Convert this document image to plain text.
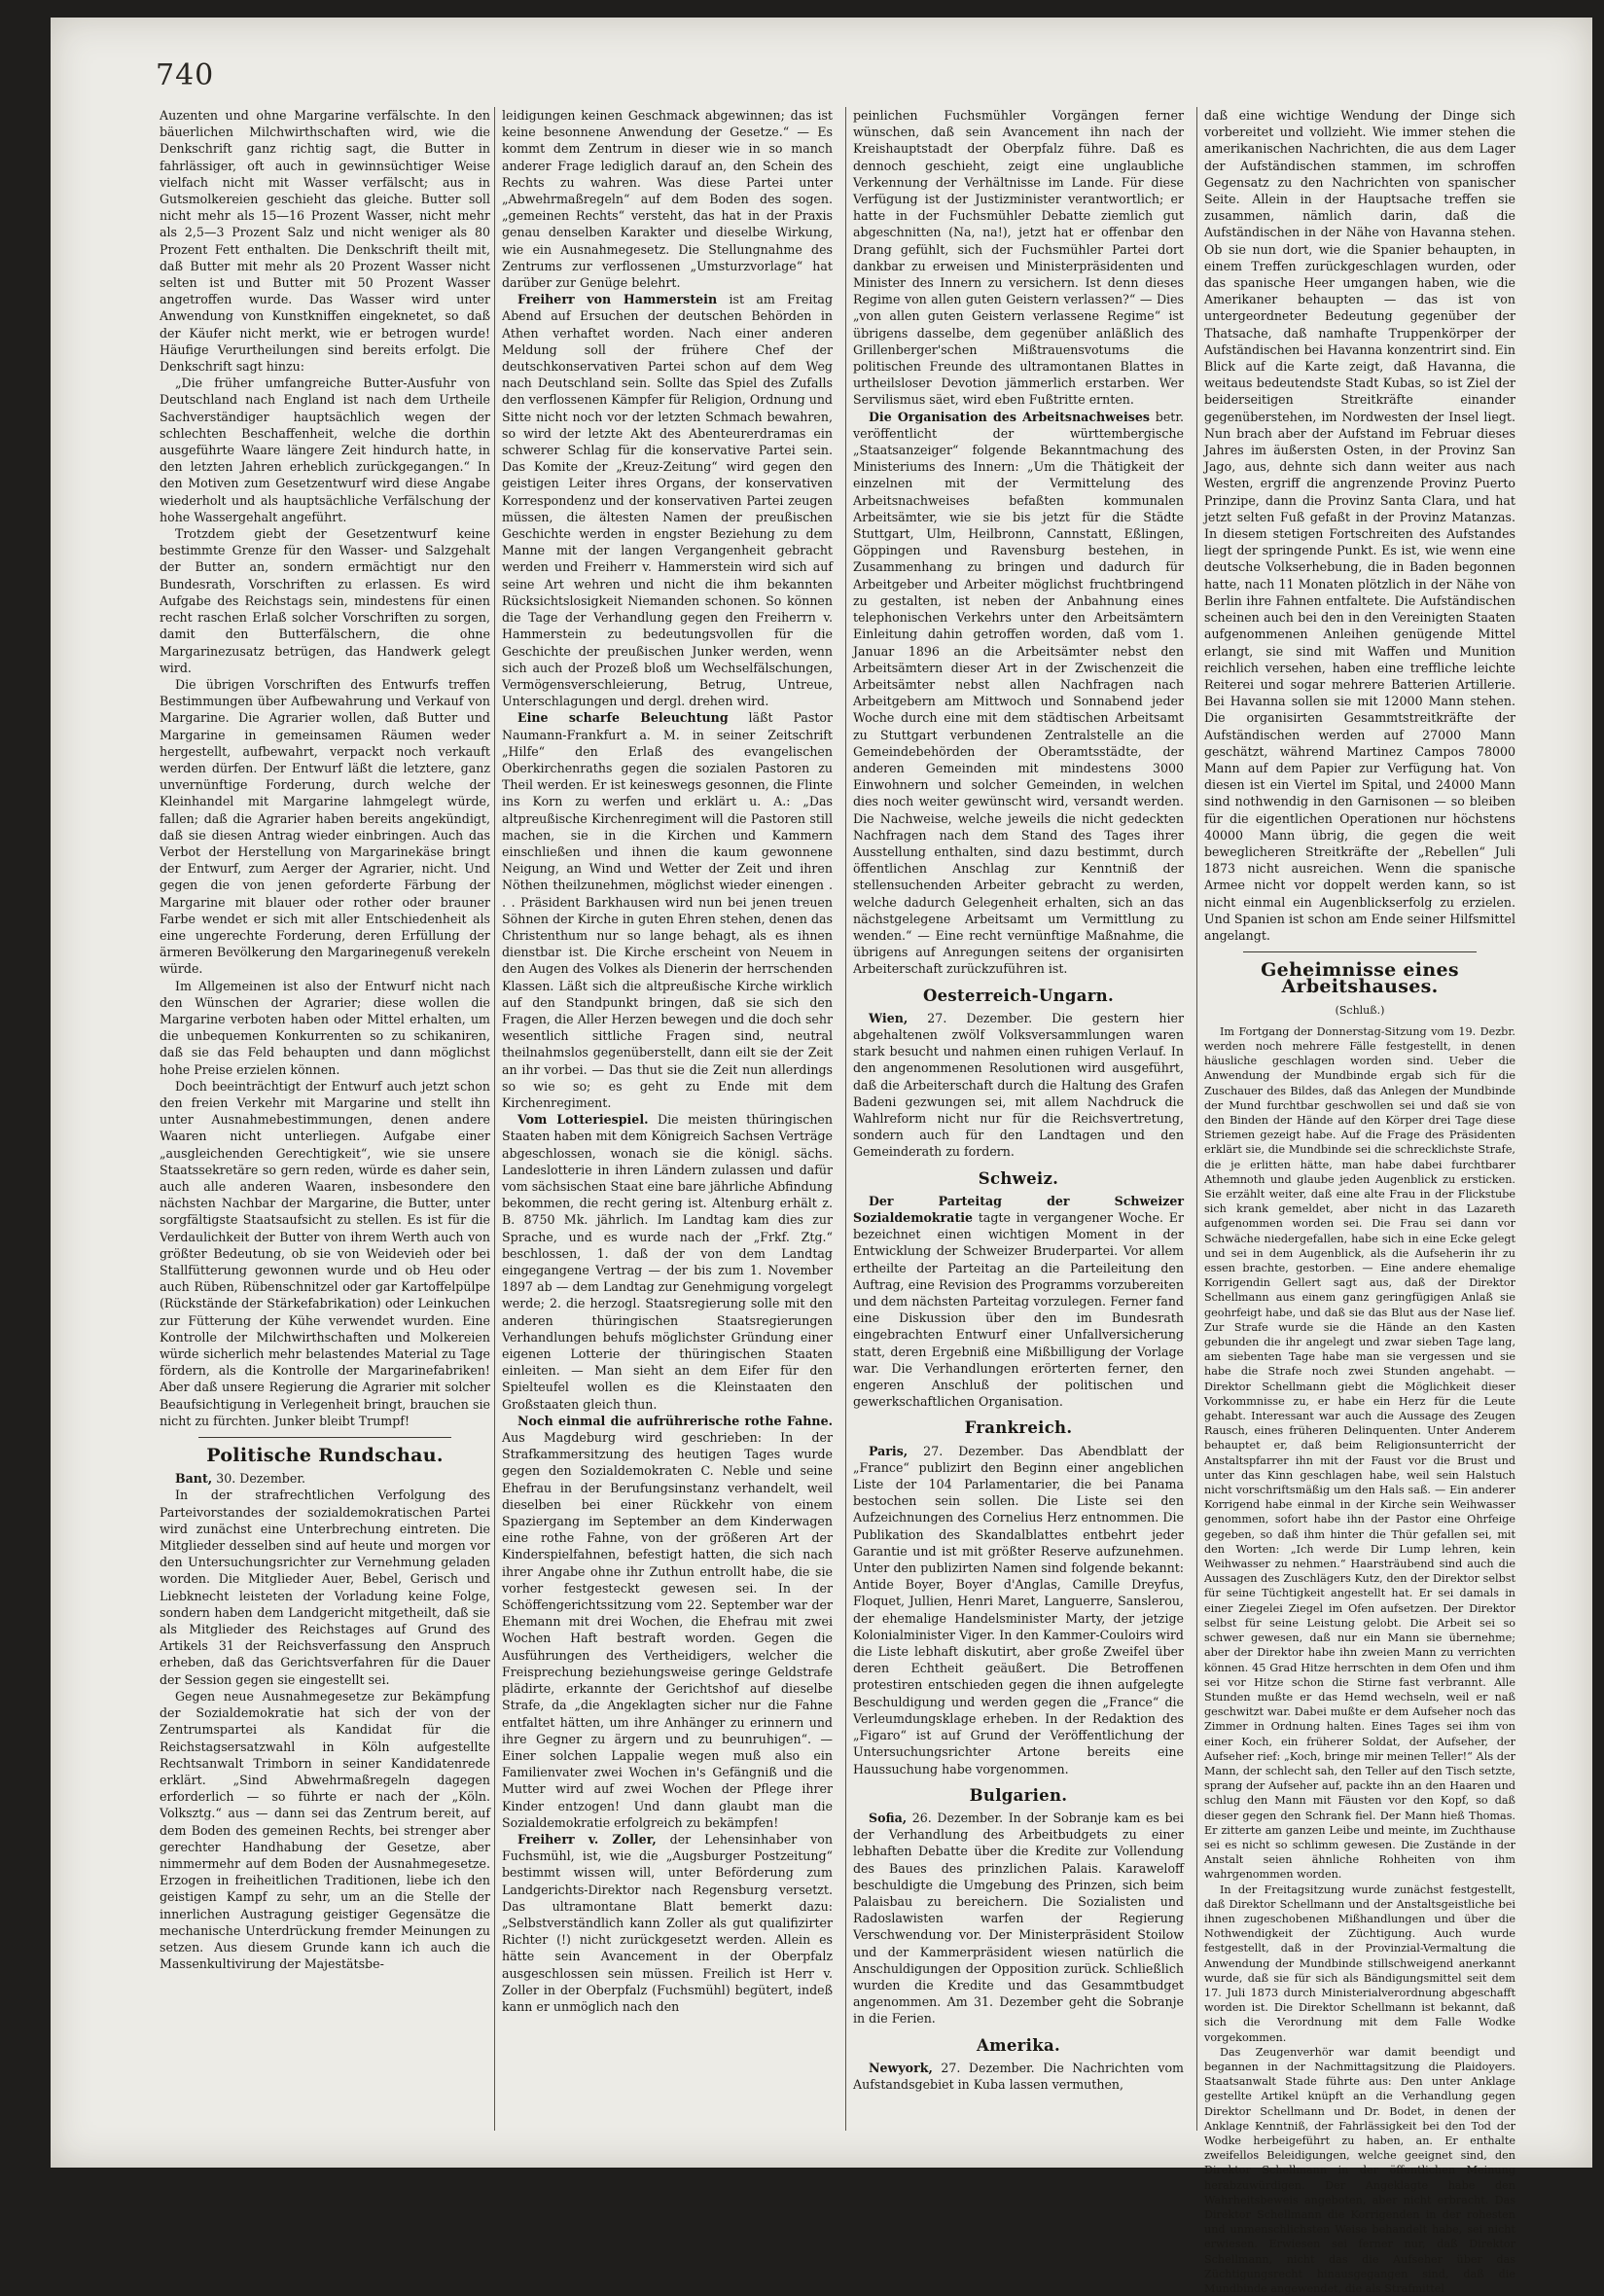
740

Auzenten und ohne Margarine verfälschte. In den bäuerlichen Milchwirthschaften wird, wie die Denkschrift ganz richtig sagt, die Butter in fahrlässiger, oft auch in gewinnsüchtiger Weise vielfach nicht mit Wasser verfälscht; aus in Gutsmolkereien geschieht das gleiche. Butter soll nicht mehr als 15—16 Prozent Wasser, nicht mehr als 2,5—3 Prozent Salz und nicht weniger als 80 Prozent Fett enthalten. Die Denkschrift theilt mit, daß Butter mit mehr als 20 Prozent Wasser nicht selten ist und Butter mit 50 Prozent Wasser angetroffen wurde. Das Wasser wird unter Anwendung von Kunstkniffen eingeknetet, so daß der Käufer nicht merkt, wie er betrogen wurde! Häufige Verurtheilungen sind bereits erfolgt. Die Denkschrift sagt hinzu:

„Die früher umfangreiche Butter-Ausfuhr von Deutschland nach England ist nach dem Urtheile Sachverständiger hauptsächlich wegen der schlechten Beschaffenheit, welche die dorthin ausgeführte Waare längere Zeit hindurch hatte, in den letzten Jahren erheblich zurückgegangen.“ In den Motiven zum Gesetzentwurf wird diese Angabe wiederholt und als hauptsächliche Verfälschung der hohe Wassergehalt angeführt.

Trotzdem giebt der Gesetzentwurf keine bestimmte Grenze für den Wasser- und Salzgehalt der Butter an, sondern ermächtigt nur den Bundesrath, Vorschriften zu erlassen. Es wird Aufgabe des Reichstags sein, mindestens für einen recht raschen Erlaß solcher Vorschriften zu sorgen, damit den Butterfälschern, die ohne Margarinezusatz betrügen, das Handwerk gelegt wird.

Die übrigen Vorschriften des Entwurfs treffen Bestimmungen über Aufbewahrung und Verkauf von Margarine. Die Agrarier wollen, daß Butter und Margarine in gemeinsamen Räumen weder hergestellt, aufbewahrt, verpackt noch verkauft werden dürfen. Der Entwurf läßt die letztere, ganz unvernünftige Forderung, durch welche der Kleinhandel mit Margarine lahmgelegt würde, fallen; daß die Agrarier haben bereits angekündigt, daß sie diesen Antrag wieder einbringen. Auch das Verbot der Herstellung von Margarinekäse bringt der Entwurf, zum Aerger der Agrarier, nicht. Und gegen die von jenen geforderte Färbung der Margarine mit blauer oder rother oder brauner Farbe wendet er sich mit aller Entschiedenheit als eine ungerechte Forderung, deren Erfüllung der ärmeren Bevölkerung den Margarinegenuß verekeln würde.

Im Allgemeinen ist also der Entwurf nicht nach den Wünschen der Agrarier; diese wollen die Margarine verboten haben oder Mittel erhalten, um die unbequemen Konkurrenten so zu schikaniren, daß sie das Feld behaupten und dann möglichst hohe Preise erzielen können.

Doch beeinträchtigt der Entwurf auch jetzt schon den freien Verkehr mit Margarine und stellt ihn unter Ausnahmebestimmungen, denen andere Waaren nicht unterliegen. Aufgabe einer „ausgleichenden Gerechtigkeit“, wie sie unsere Staatssekretäre so gern reden, würde es daher sein, auch alle anderen Waaren, insbesondere den nächsten Nachbar der Margarine, die Butter, unter sorgfältigste Staatsaufsicht zu stellen. Es ist für die Verdaulichkeit der Butter von ihrem Werth auch von größter Bedeutung, ob sie von Weidevieh oder bei Stallfütterung gewonnen wurde und ob Heu oder auch Rüben, Rübenschnitzel oder gar Kartoffelpülpe (Rückstände der Stärkefabrikation) oder Leinkuchen zur Fütterung der Kühe verwendet wurden. Eine Kontrolle der Milchwirthschaften und Molkereien würde sicherlich mehr belastendes Material zu Tage fördern, als die Kontrolle der Margarinefabriken! Aber daß unsere Regierung die Agrarier mit solcher Beaufsichtigung in Verlegenheit bringt, brauchen sie nicht zu fürchten. Junker bleibt Trumpf!

Politische Rundschau.

Bant, 30. Dezember.

In der strafrechtlichen Verfolgung des Parteivorstandes der sozialdemokratischen Partei wird zunächst eine Unterbrechung eintreten. Die Mitglieder desselben sind auf heute und morgen vor den Untersuchungsrichter zur Vernehmung geladen worden. Die Mitglieder Auer, Bebel, Gerisch und Liebknecht leisteten der Vorladung keine Folge, sondern haben dem Landgericht mitgetheilt, daß sie als Mitglieder des Reichstages auf Grund des Artikels 31 der Reichsverfassung den Anspruch erheben, daß das Gerichtsverfahren für die Dauer der Session gegen sie eingestellt sei.

Gegen neue Ausnahmegesetze zur Bekämpfung der Sozialdemokratie hat sich der von der Zentrumspartei als Kandidat für die Reichstagsersatzwahl in Köln aufgestellte Rechtsanwalt Trimborn in seiner Kandidatenrede erklärt. „Sind Abwehrmaßregeln dagegen erforderlich — so führte er nach der „Köln. Volksztg.“ aus — dann sei das Zentrum bereit, auf dem Boden des gemeinen Rechts, bei strenger aber gerechter Handhabung der Gesetze, aber nimmermehr auf dem Boden der Ausnahmegesetze. Erzogen in freiheitlichen Traditionen, liebe ich den geistigen Kampf zu sehr, um an die Stelle der innerlichen Austragung geistiger Gegensätze die mechanische Unterdrückung fremder Meinungen zu setzen. Aus diesem Grunde kann ich auch die Massenkultivirung der Majestätsbe-

leidigungen keinen Geschmack abgewinnen; das ist keine besonnene Anwendung der Gesetze.“ — Es kommt dem Zentrum in dieser wie in so manch anderer Frage lediglich darauf an, den Schein des Rechts zu wahren. Was diese Partei unter „Abwehrmaßregeln“ auf dem Boden des sogen. „gemeinen Rechts“ versteht, das hat in der Praxis genau denselben Karakter und dieselbe Wirkung, wie ein Ausnahmegesetz. Die Stellungnahme des Zentrums zur verflossenen „Umsturzvorlage“ hat darüber zur Genüge belehrt.

Freiherr von Hammerstein ist am Freitag Abend auf Ersuchen der deutschen Behörden in Athen verhaftet worden. Nach einer anderen Meldung soll der frühere Chef der deutschkonservativen Partei schon auf dem Weg nach Deutschland sein. Sollte das Spiel des Zufalls den verflossenen Kämpfer für Religion, Ordnung und Sitte nicht noch vor der letzten Schmach bewahren, so wird der letzte Akt des Abenteurerdramas ein schwerer Schlag für die konservative Partei sein. Das Komite der „Kreuz-Zeitung“ wird gegen den geistigen Leiter ihres Organs, der konservativen Korrespondenz und der konservativen Partei zeugen müssen, die ältesten Namen der preußischen Geschichte werden in engster Beziehung zu dem Manne mit der langen Vergangenheit gebracht werden und Freiherr v. Hammerstein wird sich auf seine Art wehren und nicht die ihm bekannten Rücksichtslosigkeit Niemanden schonen. So können die Tage der Verhandlung gegen den Freiherrn v. Hammerstein zu bedeutungsvollen für die Geschichte der preußischen Junker werden, wenn sich auch der Prozeß bloß um Wechselfälschungen, Vermögensverschleierung, Betrug, Untreue, Unterschlagungen und dergl. drehen wird.

Eine scharfe Beleuchtung läßt Pastor Naumann-Frankfurt a. M. in seiner Zeitschrift „Hilfe“ den Erlaß des evangelischen Oberkirchenraths gegen die sozialen Pastoren zu Theil werden. Er ist keineswegs gesonnen, die Flinte ins Korn zu werfen und erklärt u. A.: „Das altpreußische Kirchenregiment will die Pastoren still machen, sie in die Kirchen und Kammern einschließen und ihnen die kaum gewonnene Neigung, an Wind und Wetter der Zeit und ihren Nöthen theilzunehmen, möglichst wieder einengen . . . Präsident Barkhausen wird nun bei jenen treuen Söhnen der Kirche in guten Ehren stehen, denen das Christenthum nur so lange behagt, als es ihnen dienstbar ist. Die Kirche erscheint von Neuem in den Augen des Volkes als Dienerin der herrschenden Klassen. Läßt sich die altpreußische Kirche wirklich auf den Standpunkt bringen, daß sie sich den Fragen, die Aller Herzen bewegen und die doch sehr wesentlich sittliche Fragen sind, neutral theilnahmslos gegenüberstellt, dann eilt sie der Zeit an ihr vorbei. — Das thut sie die Zeit nun allerdings so wie so; es geht zu Ende mit dem Kirchenregiment.

Vom Lotteriespiel. Die meisten thüringischen Staaten haben mit dem Königreich Sachsen Verträge abgeschlossen, wonach sie die königl. sächs. Landeslotterie in ihren Ländern zulassen und dafür vom sächsischen Staat eine bare jährliche Abfindung bekommen, die recht gering ist. Altenburg erhält z. B. 8750 Mk. jährlich. Im Landtag kam dies zur Sprache, und es wurde nach der „Frkf. Ztg.“ beschlossen, 1. daß der von dem Landtag eingegangene Vertrag — der bis zum 1. November 1897 ab — dem Landtag zur Genehmigung vorgelegt werde; 2. die herzogl. Staatsregierung solle mit den anderen thüringischen Staatsregierungen Verhandlungen behufs möglichster Gründung einer eigenen Lotterie der thüringischen Staaten einleiten. — Man sieht an dem Eifer für den Spielteufel wollen es die Kleinstaaten den Großstaaten gleich thun.

Noch einmal die aufrührerische rothe Fahne. Aus Magdeburg wird geschrieben: In der Strafkammersitzung des heutigen Tages wurde gegen den Sozialdemokraten C. Neble und seine Ehefrau in der Berufungsinstanz verhandelt, weil dieselben bei einer Rückkehr von einem Spaziergang im September an dem Kinderwagen eine rothe Fahne, von der größeren Art der Kinderspielfahnen, befestigt hatten, die sich nach ihrer Angabe ohne ihr Zuthun entrollt habe, die sie vorher festgesteckt gewesen sei. In der Schöffengerichtssitzung vom 22. September war der Ehemann mit drei Wochen, die Ehefrau mit zwei Wochen Haft bestraft worden. Gegen die Ausführungen des Vertheidigers, welcher die Freisprechung beziehungsweise geringe Geldstrafe plädirte, erkannte der Gerichtshof auf dieselbe Strafe, da „die Angeklagten sicher nur die Fahne entfaltet hätten, um ihre Anhänger zu erinnern und ihre Gegner zu ärgern und zu beunruhigen“. — Einer solchen Lappalie wegen muß also ein Familienvater zwei Wochen in's Gefängniß und die Mutter wird auf zwei Wochen der Pflege ihrer Kinder entzogen! Und dann glaubt man die Sozialdemokratie erfolgreich zu bekämpfen!

Freiherr v. Zoller, der Lehensinhaber von Fuchsmühl, ist, wie die „Augsburger Postzeitung“ bestimmt wissen will, unter Beförderung zum Landgerichts-Direktor nach Regensburg versetzt. Das ultramontane Blatt bemerkt dazu: „Selbstverständlich kann Zoller als gut qualifizirter Richter (!) nicht zurückgesetzt werden. Allein es hätte sein Avancement in der Oberpfalz ausgeschlossen sein müssen. Freilich ist Herr v. Zoller in der Oberpfalz (Fuchsmühl) begütert, indeß kann er unmöglich nach den

peinlichen Fuchsmühler Vorgängen ferner wünschen, daß sein Avancement ihn nach der Kreishauptstadt der Oberpfalz führe. Daß es dennoch geschieht, zeigt eine unglaubliche Verkennung der Verhältnisse im Lande. Für diese Verfügung ist der Justizminister verantwortlich; er hatte in der Fuchsmühler Debatte ziemlich gut abgeschnitten (Na, na!), jetzt hat er offenbar den Drang gefühlt, sich der Fuchsmühler Partei dort dankbar zu erweisen und Ministerpräsidenten und Minister des Innern zu versichern. Ist denn dieses Regime von allen guten Geistern verlassen?“ — Dies „von allen guten Geistern verlassene Regime“ ist übrigens dasselbe, dem gegenüber anläßlich des Grillenberger'schen Mißtrauensvotums die politischen Freunde des ultramontanen Blattes in urtheilsloser Devotion jämmerlich erstarben. Wer Servilismus säet, wird eben Fußtritte ernten.

Die Organisation des Arbeitsnachweises betr. veröffentlicht der württembergische „Staatsanzeiger“ folgende Bekanntmachung des Ministeriums des Innern: „Um die Thätigkeit der einzelnen mit der Vermittelung des Arbeitsnachweises befaßten kommunalen Arbeitsämter, wie sie bis jetzt für die Städte Stuttgart, Ulm, Heilbronn, Cannstatt, Eßlingen, Göppingen und Ravensburg bestehen, in Zusammenhang zu bringen und dadurch für Arbeitgeber und Arbeiter möglichst fruchtbringend zu gestalten, ist neben der Anbahnung eines telephonischen Verkehrs unter den Arbeitsämtern Einleitung dahin getroffen worden, daß vom 1. Januar 1896 an die Arbeitsämter nebst den Arbeitsämtern dieser Art in der Zwischenzeit die Arbeitsämter nebst allen Nachfragen nach Arbeitgebern am Mittwoch und Sonnabend jeder Woche durch eine mit dem städtischen Arbeitsamt zu Stuttgart verbundenen Zentralstelle an die Gemeindebehörden der Oberamtsstädte, der anderen Gemeinden mit mindestens 3000 Einwohnern und solcher Gemeinden, in welchen dies noch weiter gewünscht wird, versandt werden. Die Nachweise, welche jeweils die nicht gedeckten Nachfragen nach dem Stand des Tages ihrer Ausstellung enthalten, sind dazu bestimmt, durch öffentlichen Anschlag zur Kenntniß der stellensuchenden Arbeiter gebracht zu werden, welche dadurch Gelegenheit erhalten, sich an das nächstgelegene Arbeitsamt um Vermittlung zu wenden.“ — Eine recht vernünftige Maßnahme, die übrigens auf Anregungen seitens der organisirten Arbeiterschaft zurückzuführen ist.

Oesterreich-Ungarn.

Wien, 27. Dezember. Die gestern hier abgehaltenen zwölf Volksversammlungen waren stark besucht und nahmen einen ruhigen Verlauf. In den angenommenen Resolutionen wird ausgeführt, daß die Arbeiterschaft durch die Haltung des Grafen Badeni gezwungen sei, mit allem Nachdruck die Wahlreform nicht nur für die Reichsvertretung, sondern auch für den Landtagen und den Gemeinderath zu fordern.

Schweiz.

Der Parteitag der Schweizer Sozialdemokratie tagte in vergangener Woche. Er bezeichnet einen wichtigen Moment in der Entwicklung der Schweizer Bruderpartei. Vor allem ertheilte der Parteitag an die Parteileitung den Auftrag, eine Revision des Programms vorzubereiten und dem nächsten Parteitag vorzulegen. Ferner fand eine Diskussion über den im Bundesrath eingebrachten Entwurf einer Unfallversicherung statt, deren Ergebniß eine Mißbilligung der Vorlage war. Die Verhandlungen erörterten ferner, den engeren Anschluß der politischen und gewerkschaftlichen Organisation.

Frankreich.

Paris, 27. Dezember. Das Abendblatt der „France“ publizirt den Beginn einer angeblichen Liste der 104 Parlamentarier, die bei Panama bestochen sein sollen. Die Liste sei den Aufzeichnungen des Cornelius Herz entnommen. Die Publikation des Skandalblattes entbehrt jeder Garantie und ist mit größter Reserve aufzunehmen. Unter den publizirten Namen sind folgende bekannt: Antide Boyer, Boyer d'Anglas, Camille Dreyfus, Floquet, Jullien, Henri Maret, Languerre, Sanslerou, der ehemalige Handelsminister Marty, der jetzige Kolonialminister Viger. In den Kammer-Couloirs wird die Liste lebhaft diskutirt, aber große Zweifel über deren Echtheit geäußert. Die Betroffenen protestiren entschieden gegen die ihnen aufgelegte Beschuldigung und werden gegen die „France“ die Verleumdungsklage erheben. In der Redaktion des „Figaro“ ist auf Grund der Veröffentlichung der Untersuchungsrichter Artone bereits eine Haussuchung habe vorgenommen.

Bulgarien.

Sofia, 26. Dezember. In der Sobranje kam es bei der Verhandlung des Arbeitbudgets zu einer lebhaften Debatte über die Kredite zur Vollendung des Baues des prinzlichen Palais. Karaweloff beschuldigte die Umgebung des Prinzen, sich beim Palaisbau zu bereichern. Die Sozialisten und Radoslawisten warfen der Regierung Verschwendung vor. Der Ministerpräsident Stoilow und der Kammerpräsident wiesen natürlich die Anschuldigungen der Opposition zurück. Schließlich wurden die Kredite und das Gesammtbudget angenommen. Am 31. Dezember geht die Sobranje in die Ferien.

Amerika.

Newyork, 27. Dezember. Die Nachrichten vom Aufstandsgebiet in Kuba lassen vermuthen,

daß eine wichtige Wendung der Dinge sich vorbereitet und vollzieht. Wie immer stehen die amerikanischen Nachrichten, die aus dem Lager der Aufständischen stammen, im schroffen Gegensatz zu den Nachrichten von spanischer Seite. Allein in der Hauptsache treffen sie zusammen, nämlich darin, daß die Aufständischen in der Nähe von Havanna stehen. Ob sie nun dort, wie die Spanier behaupten, in einem Treffen zurückgeschlagen wurden, oder das spanische Heer umgangen haben, wie die Amerikaner behaupten — das ist von untergeordneter Bedeutung gegenüber der Thatsache, daß namhafte Truppenkörper der Aufständischen bei Havanna konzentrirt sind. Ein Blick auf die Karte zeigt, daß Havanna, die weitaus bedeutendste Stadt Kubas, so ist Ziel der beiderseitigen Streitkräfte einander gegenüberstehen, im Nordwesten der Insel liegt. Nun brach aber der Aufstand im Februar dieses Jahres im äußersten Osten, in der Provinz San Jago, aus, dehnte sich dann weiter aus nach Westen, ergriff die angrenzende Provinz Puerto Prinzipe, dann die Provinz Santa Clara, und hat jetzt selten Fuß gefaßt in der Provinz Matanzas. In diesem stetigen Fortschreiten des Aufstandes liegt der springende Punkt. Es ist, wie wenn eine deutsche Volkserhebung, die in Baden begonnen hatte, nach 11 Monaten plötzlich in der Nähe von Berlin ihre Fahnen entfaltete. Die Aufständischen scheinen auch bei den in den Vereinigten Staaten aufgenommenen Anleihen genügende Mittel erlangt, sie sind mit Waffen und Munition reichlich versehen, haben eine treffliche leichte Reiterei und sogar mehrere Batterien Artillerie. Bei Havanna sollen sie mit 12000 Mann stehen. Die organisirten Gesammtstreitkräfte der Aufständischen werden auf 27000 Mann geschätzt, während Martinez Campos 78000 Mann auf dem Papier zur Verfügung hat. Von diesen ist ein Viertel im Spital, und 24000 Mann sind nothwendig in den Garnisonen — so bleiben für die eigentlichen Operationen nur höchstens 40000 Mann übrig, die gegen die weit beweglicheren Streitkräfte der „Rebellen“ Juli 1873 nicht ausreichen. Wenn die spanische Armee nicht vor doppelt werden kann, so ist nicht einmal ein Augenblickserfolg zu erzielen. Und Spanien ist schon am Ende seiner Hilfsmittel angelangt.

Geheimnisse eines Arbeitshauses.
(Schluß.)

Im Fortgang der Donnerstag-Sitzung vom 19. Dezbr. werden noch mehrere Fälle festgestellt, in denen häusliche geschlagen worden sind. Ueber die Anwendung der Mundbinde ergab sich für die Zuschauer des Bildes, daß das Anlegen der Mundbinde der Mund furchtbar geschwollen sei und daß sie von den Binden der Hände auf den Körper drei Tage diese Striemen gezeigt habe. Auf die Frage des Präsidenten erklärt sie, die Mundbinde sei die schrecklichste Strafe, die je erlitten hätte, man habe dabei furchtbarer Athemnoth und glaube jeden Augenblick zu ersticken. Sie erzählt weiter, daß eine alte Frau in der Flickstube sich krank gemeldet, aber nicht in das Lazareth aufgenommen worden sei. Die Frau sei dann vor Schwäche niedergefallen, habe sich in eine Ecke gelegt und sei in dem Augenblick, als die Aufseherin ihr zu essen brachte, gestorben. — Eine andere ehemalige Korrigendin Gellert sagt aus, daß der Direktor Schellmann aus einem ganz geringfügigen Anlaß sie geohrfeigt habe, und daß sie das Blut aus der Nase lief. Zur Strafe wurde sie die Hände an den Kasten gebunden die ihr angelegt und zwar sieben Tage lang, am siebenten Tage habe man sie vergessen und sie habe die Strafe noch zwei Stunden angehabt. — Direktor Schellmann giebt die Möglichkeit dieser Vorkommnisse zu, er habe ein Herz für die Leute gehabt. Interessant war auch die Aussage des Zeugen Rausch, eines früheren Delinquenten. Unter Anderem behauptet er, daß beim Religionsunterricht der Anstaltspfarrer ihn mit der Faust vor die Brust und unter das Kinn geschlagen habe, weil sein Halstuch nicht vorschriftsmäßig um den Hals saß. — Ein anderer Korrigend habe einmal in der Kirche sein Weihwasser genommen, sofort habe ihn der Pastor eine Ohrfeige gegeben, so daß ihm hinter die Thür gefallen sei, mit den Worten: „Ich werde Dir Lump lehren, kein Weihwasser zu nehmen.“ Haarsträubend sind auch die Aussagen des Zuschlägers Kutz, den der Direktor selbst für seine Tüchtigkeit angestellt hat. Er sei damals in einer Ziegelei Ziegel im Ofen aufsetzen. Der Direktor selbst für seine Leistung gelobt. Die Arbeit sei so schwer gewesen, daß nur ein Mann sie übernehme; aber der Direktor habe ihn zweien Mann zu verrichten können. 45 Grad Hitze herrschten in dem Ofen und ihm sei vor Hitze schon die Stirne fast verbrannt. Alle Stunden mußte er das Hemd wechseln, weil er naß geschwitzt war. Dabei mußte er dem Aufseher noch das Zimmer in Ordnung halten. Eines Tages sei ihm von einer Koch, ein früherer Soldat, der Aufseher, der Aufseher rief: „Koch, bringe mir meinen Teller!“ Als der Mann, der schlecht sah, den Teller auf den Tisch setzte, sprang der Aufseher auf, packte ihn an den Haaren und schlug den Mann mit Fäusten vor den Kopf, so daß dieser gegen den Schrank fiel. Der Mann hieß Thomas. Er zitterte am ganzen Leibe und meinte, im Zuchthause sei es nicht so schlimm gewesen. Die Zustände in der Anstalt seien ähnliche Rohheiten von ihm wahrgenommen worden.

In der Freitagsitzung wurde zunächst festgestellt, daß Direktor Schellmann und der Anstaltsgeistliche bei ihnen zugeschobenen Mißhandlungen und über die Nothwendigkeit der Züchtigung. Auch wurde festgestellt, daß in der Provinzial-Vermaltung die Anwendung der Mundbinde stillschweigend anerkannt wurde, daß sie für sich als Bändigungsmittel seit dem 17. Juli 1873 durch Ministerialverordnung abgeschafft worden ist. Die Direktor Schellmann ist bekannt, daß sich die Verordnung mit dem Falle Wodke vorgekommen.

Das Zeugenverhör war damit beendigt und begannen in der Nachmittagsitzung die Plaidoyers. Staatsanwalt Stade führte aus: Den unter Anklage gestellte Artikel knüpft an die Verhandlung gegen Direktor Schellmann und Dr. Bodet, in denen der Anklage Kenntniß, der Fahrlässigkeit bei den Tod der Wodke herbeigeführt zu haben, an. Er enthalte zweifellos Beleidigungen, welche geeignet sind, den Direktor Schellmann in der öffentlichen Meinung herabzuwürdigen. Der Angeklagte habe den Wahrheitsbeweis angeboten, aber nicht erbracht. Das Direktor Schellmann die Korrigenden in der rohesten und unmenschlichsten Weise behandelt habe, sei nicht erwiesen. Erwiesen sei ferner nur, daß Direktor Schellmann, nicht das die Aufseher über das Züchtigungsrecht hinausgegangen sind, daß die Mundbinde angewendet, die als Strafmittel
